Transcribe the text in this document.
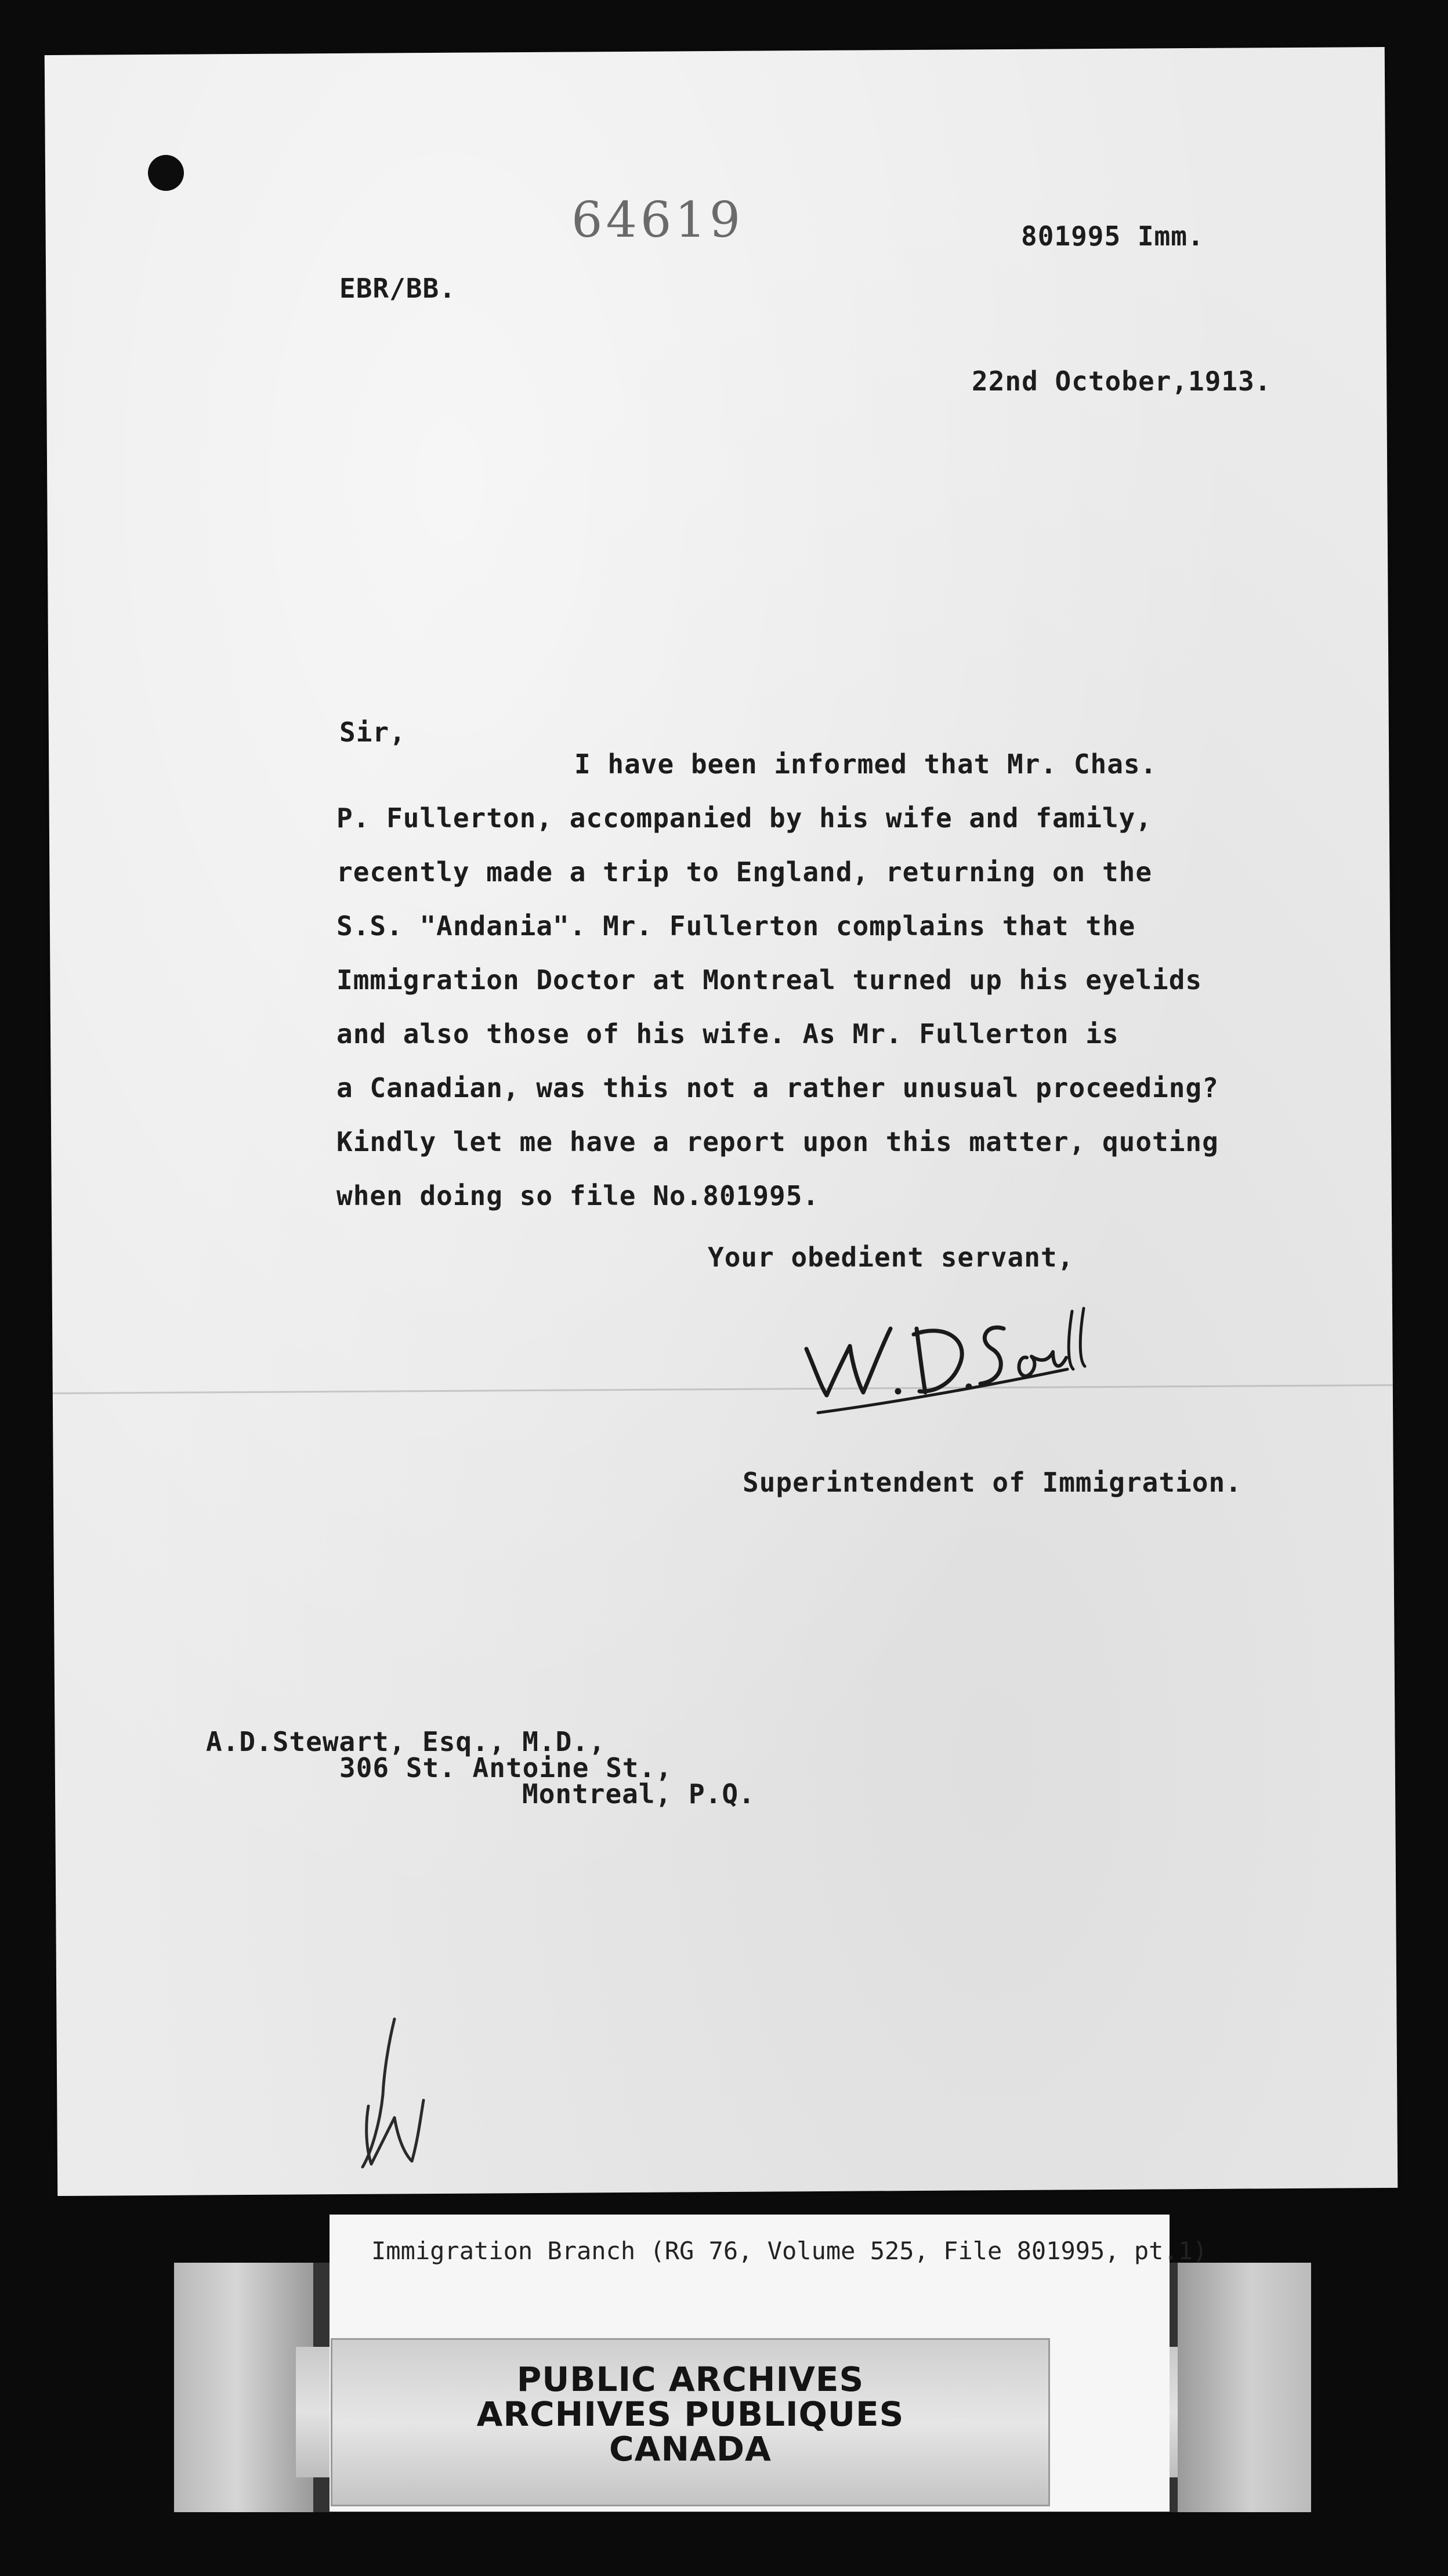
64619	801995 Imm.
EBR/BB.
22nd October,1913.
Sir,
I have been informed that Mr. Chas.
P. Fullerton, accompanied by his wife and family,
recently made a trip to England, returning on the
S.S. "Andania". Mr. Fullerton complains that the
Immigration Doctor at Montreal turned up his eyelids
and also those of his wife. As Mr. Fullerton is
a Canadian, was this not a rather unusual proceeding?
Kindly let me have a report upon this matter, quoting
when doing so file No.801995.
Your obedient servant,
Superintendent of Immigration.
A.D.Stewart, Esq., M.D.,
306 St. Antoine St.,
Montreal, P.Q.
Immigration Branch (RG 76, Volume 525, File 801995, pt.1)
PUBLIC ARCHIVES
ARCHIVES PUBLIQUES
CANADA
